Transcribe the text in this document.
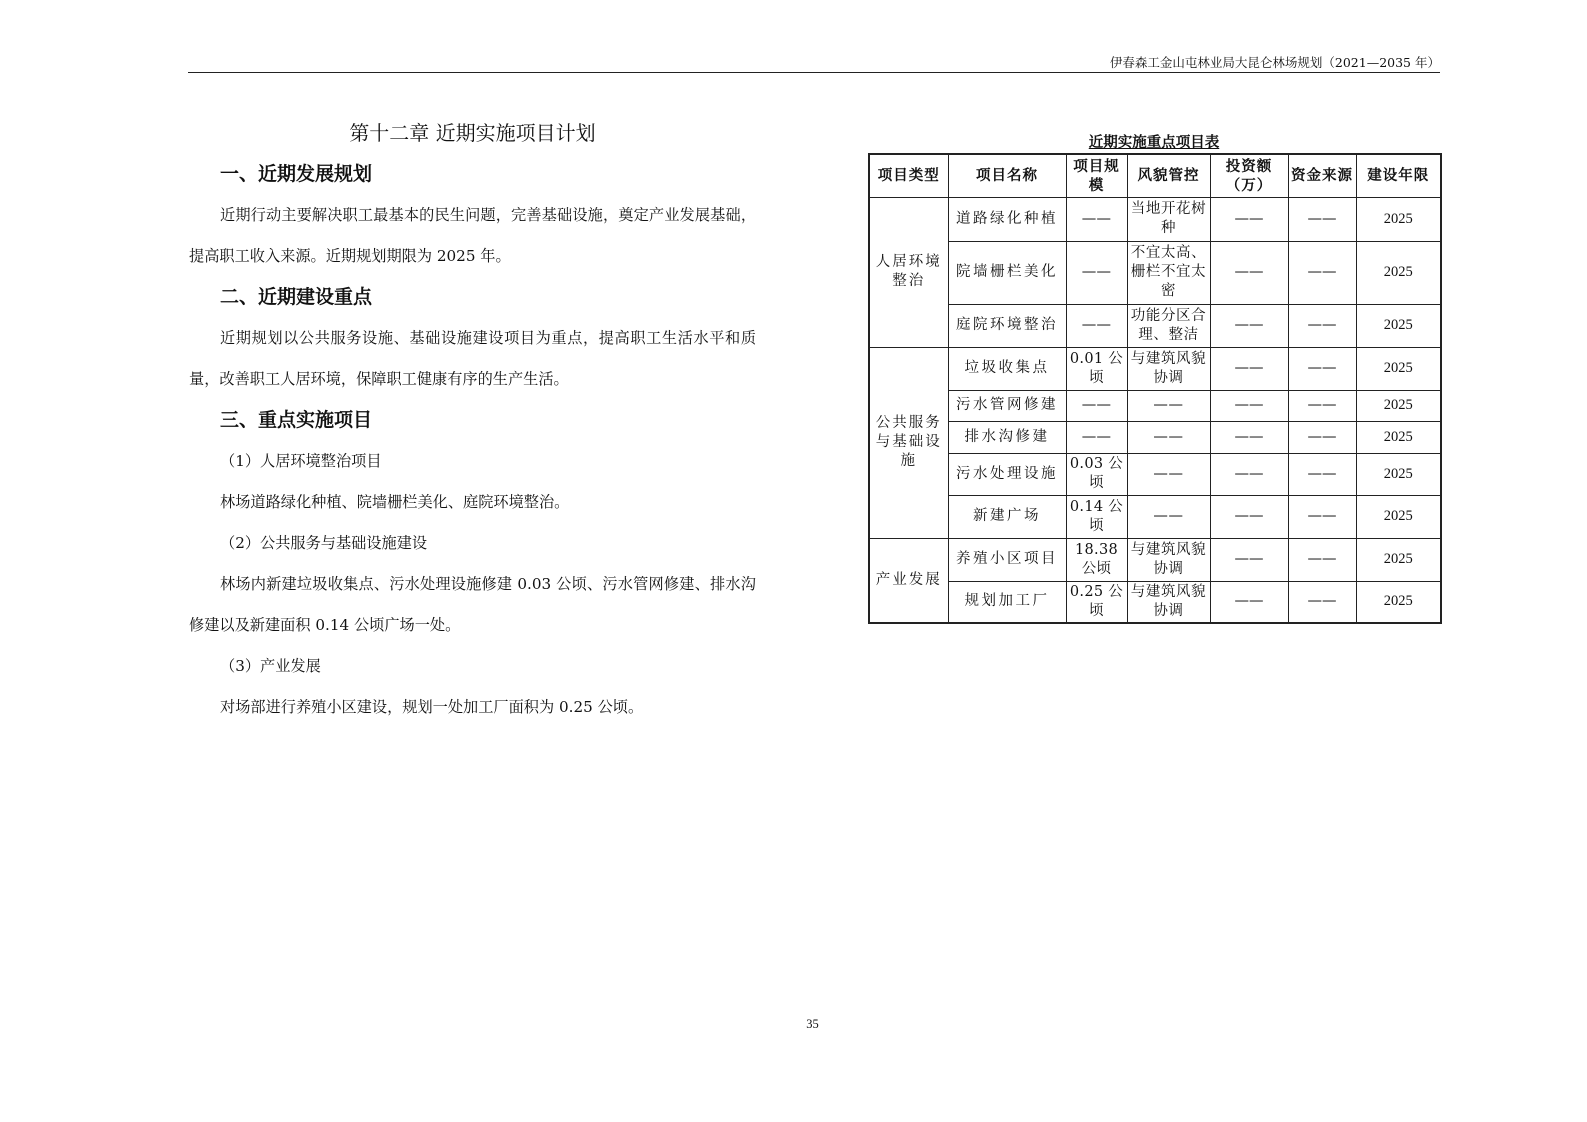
伊春森工金山屯林业局大昆仑林场规划（2021—2035 年）
第十二章 近期实施项目计划
一、近期发展规划
近期行动主要解决职工最基本的民生问题，完善基础设施，奠定产业发展基础，
提高职工收入来源。近期规划期限为 2025 年。
二、近期建设重点
近期规划以公共服务设施、基础设施建设项目为重点，提高职工生活水平和质
量，改善职工人居环境，保障职工健康有序的生产生活。
三、重点实施项目
（1）人居环境整治项目
林场道路绿化种植、院墙栅栏美化、庭院环境整治。
（2）公共服务与基础设施建设
林场内新建垃圾收集点、污水处理设施修建 0.03 公顷、污水管网修建、排水沟
修建以及新建面积 0.14 公顷广场一处。
（3）产业发展
对场部进行养殖小区建设，规划一处加工厂面积为 0.25 公顷。
近期实施重点项目表
项目类型	项目名称	项目规模	风貌管控	投资额（万）	资金来源	建设年限
人居环境整治	道路绿化种植	——	当地开花树种	——	——	2025
	院墙栅栏美化	——	不宜太高、栅栏不宜太密	——	——	2025
	庭院环境整治	——	功能分区合理、整洁	——	——	2025
公共服务与基础设施	垃圾收集点	0.01 公顷	与建筑风貌协调	——	——	2025
	污水管网修建	——	——	——	——	2025
	排水沟修建	——	——	——	——	2025
	污水处理设施	0.03 公顷	——	——	——	2025
	新建广场	0.14 公顷	——	——	——	2025
产业发展	养殖小区项目	18.38 公顷	与建筑风貌协调	——	——	2025
	规划加工厂	0.25 公顷	与建筑风貌协调	——	——	2025
35
